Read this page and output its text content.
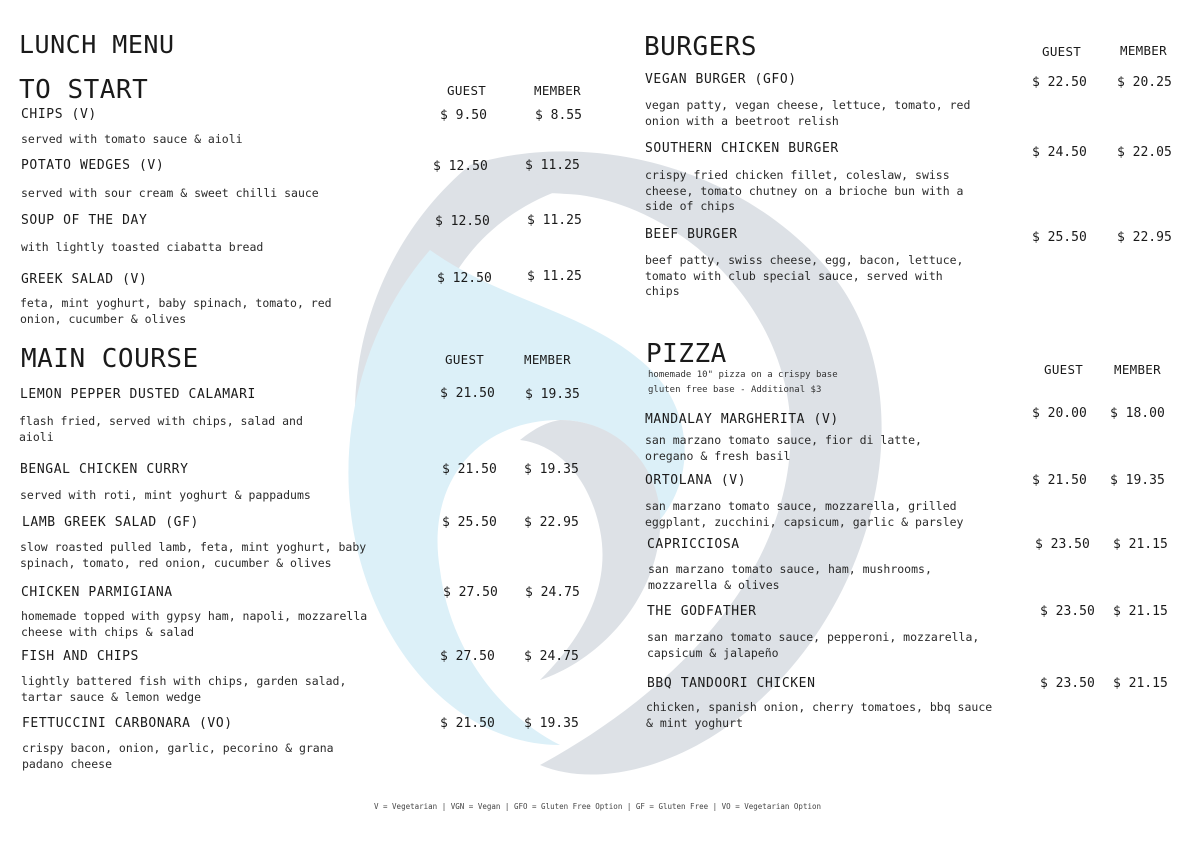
LUNCH MENU
TO START	GUEST	MEMBER
CHIPS (V)	$ 9.50	$ 8.55
served with tomato sauce & aioli
POTATO WEDGES (V)	$ 12.50	$ 11.25
served with sour cream & sweet chilli sauce
SOUP OF THE DAY	$ 12.50	$ 11.25
with lightly toasted ciabatta bread
GREEK SALAD (V)	$ 12.50	$ 11.25
feta, mint yoghurt, baby spinach, tomato, red
onion, cucumber & olives
MAIN COURSE	GUEST	MEMBER
LEMON PEPPER DUSTED CALAMARI	$ 21.50 $ 19.35
flash fried, served with chips, salad and
aioli
BENGAL CHICKEN CURRY	$ 21.50 $ 19.35
served with roti, mint yoghurt & pappadums
LAMB GREEK SALAD (GF)	$ 25.50 $ 22.95
slow roasted pulled lamb, feta, mint yoghurt, baby
spinach, tomato, red onion, cucumber & olives
CHICKEN PARMIGIANA	$ 27.50 $ 24.75
homemade topped with gypsy ham, napoli, mozzarella
cheese with chips & salad
FISH AND CHIPS	$ 27.50 $ 24.75
lightly battered fish with chips, garden salad,
tartar sauce & lemon wedge
FETTUCCINI CARBONARA (VO)	$ 21.50 $ 19.35
crispy bacon, onion, garlic, pecorino & grana
padano cheese
BURGERS	GUEST	MEMBER
VEGAN BURGER (GFO)	$ 22.50 $ 20.25
vegan patty, vegan cheese, lettuce, tomato, red
onion with a beetroot relish
SOUTHERN CHICKEN BURGER	$ 24.50 $ 22.05
crispy fried chicken fillet, coleslaw, swiss
cheese, tomato chutney on a brioche bun with a
side of chips
BEEF BURGER	$ 25.50 $ 22.95
beef patty, swiss cheese, egg, bacon, lettuce,
tomato with club special sauce, served with
chips
PIZZA
homemade 10" pizza on a crispy base
gluten free base - Additional $3
GUEST MEMBER
MANDALAY MARGHERITA (V)	$ 20.00 $ 18.00
san marzano tomato sauce, fior di latte,
oregano & fresh basil
ORTOLANA (V)	$ 21.50 $ 19.35
san marzano tomato sauce, mozzarella, grilled
eggplant, zucchini, capsicum, garlic & parsley
CAPRICCIOSA	$ 23.50 $ 21.15
san marzano tomato sauce, ham, mushrooms,
mozzarella & olives
THE GODFATHER	$ 23.50 $ 21.15
san marzano tomato sauce, pepperoni, mozzarella,
capsicum & jalapeño
BBQ TANDOORI CHICKEN	$ 23.50 $ 21.15
chicken, spanish onion, cherry tomatoes, bbq sauce
& mint yoghurt
V = Vegetarian | VGN = Vegan | GFO = Gluten Free Option | GF = Gluten Free | VO = Vegetarian Option
